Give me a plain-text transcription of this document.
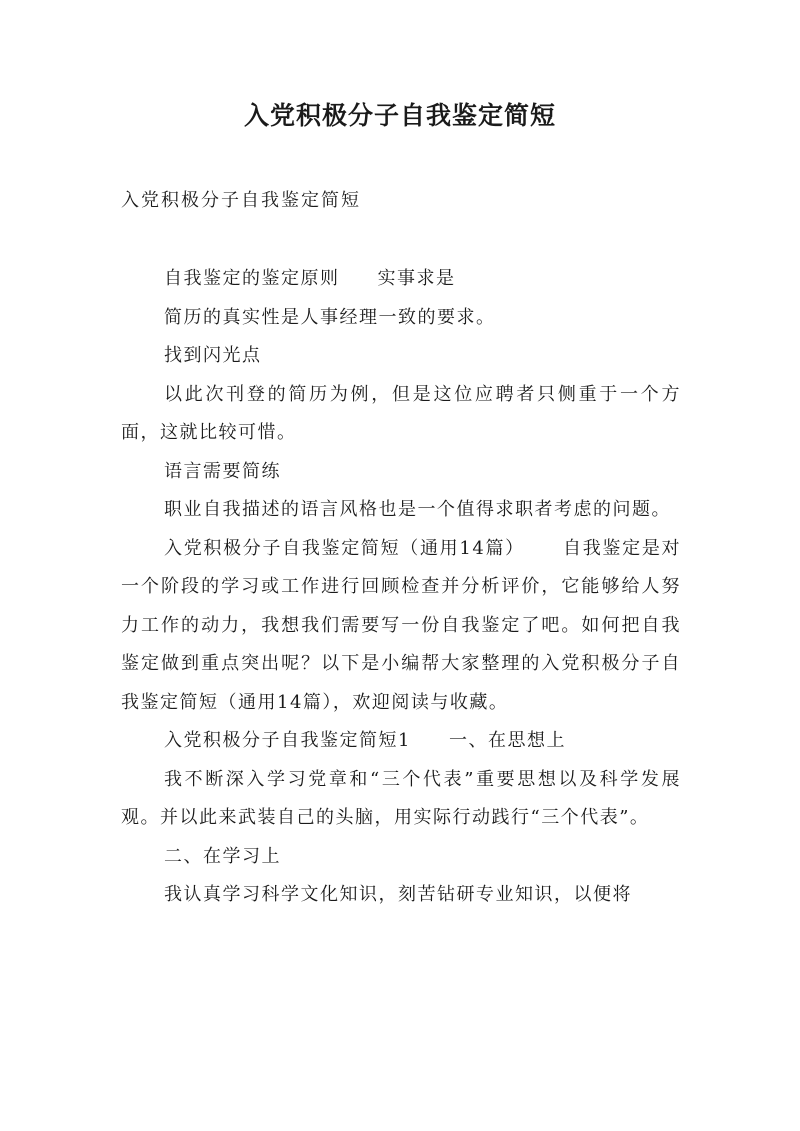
入党积极分子自我鉴定简短

入党积极分子自我鉴定简短

自我鉴定的鉴定原则 实事求是

简历的真实性是人事经理一致的要求。

找到闪光点

以此次刊登的简历为例，但是这位应聘者只侧重于一个方面，这就比较可惜。

语言需要简练

职业自我描述的语言风格也是一个值得求职者考虑的问题。

入党积极分子自我鉴定简短（通用14篇） 自我鉴定是对一个阶段的学习或工作进行回顾检查并分析评价，它能够给人努力工作的动力，我想我们需要写一份自我鉴定了吧。如何把自我鉴定做到重点突出呢？以下是小编帮大家整理的入党积极分子自我鉴定简短（通用14篇），欢迎阅读与收藏。

入党积极分子自我鉴定简短1 一、在思想上

我不断深入学习党章和“三个代表”重要思想以及科学发展观。并以此来武装自己的头脑，用实际行动践行“三个代表”。

二、在学习上

我认真学习科学文化知识，刻苦钻研专业知识，以便将
